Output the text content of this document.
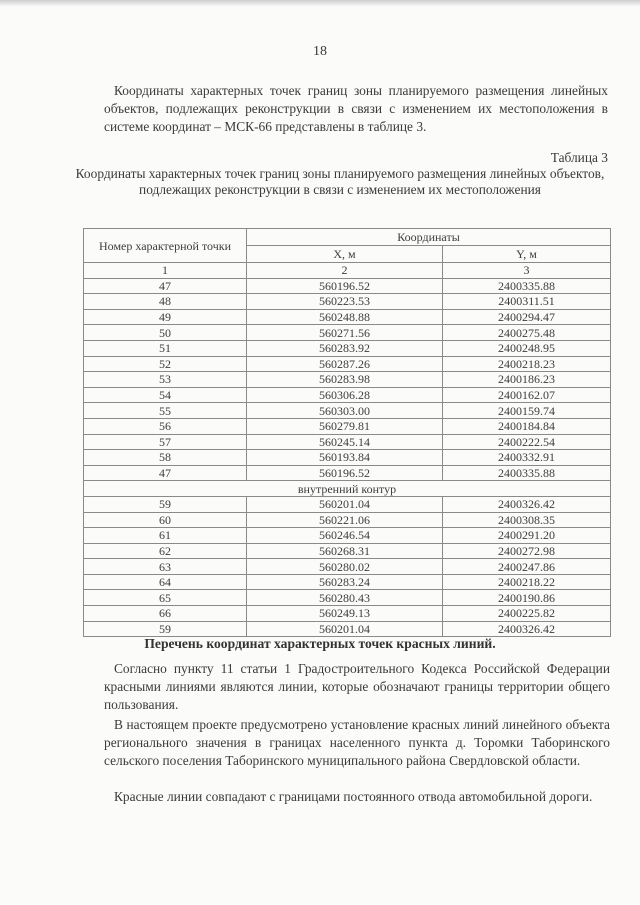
18

Координаты характерных точек границ зоны планируемого размещения линейных объектов, подлежащих реконструкции в связи с изменением их местоположения в системе координат – МСК-66 представлены в таблице 3.

Таблица 3

Координаты характерных точек границ зоны планируемого размещения линейных объектов, подлежащих реконструкции в связи с изменением их местоположения

Номер характерной точки	Координаты	
	X, м	Y, м
1	2	3
47	560196.52	2400335.88
48	560223.53	2400311.51
49	560248.88	2400294.47
50	560271.56	2400275.48
51	560283.92	2400248.95
52	560287.26	2400218.23
53	560283.98	2400186.23
54	560306.28	2400162.07
55	560303.00	2400159.74
56	560279.81	2400184.84
57	560245.14	2400222.54
58	560193.84	2400332.91
47	560196.52	2400335.88
внутренний контур		
59	560201.04	2400326.42
60	560221.06	2400308.35
61	560246.54	2400291.20
62	560268.31	2400272.98
63	560280.02	2400247.86
64	560283.24	2400218.22
65	560280.43	2400190.86
66	560249.13	2400225.82
59	560201.04	2400326.42
Перечень координат характерных точек красных линий.

Согласно пункту 11 статьи 1 Градостроительного Кодекса Российской Федерации красными линиями являются линии, которые обозначают границы территории общего пользования.

В настоящем проекте предусмотрено установление красных линий линейного объекта регионального значения в границах населенного пункта д. Торомки Таборинского сельского поселения Таборинского муниципального района Свердловской области.

Красные линии совпадают с границами постоянного отвода автомобильной дороги.
